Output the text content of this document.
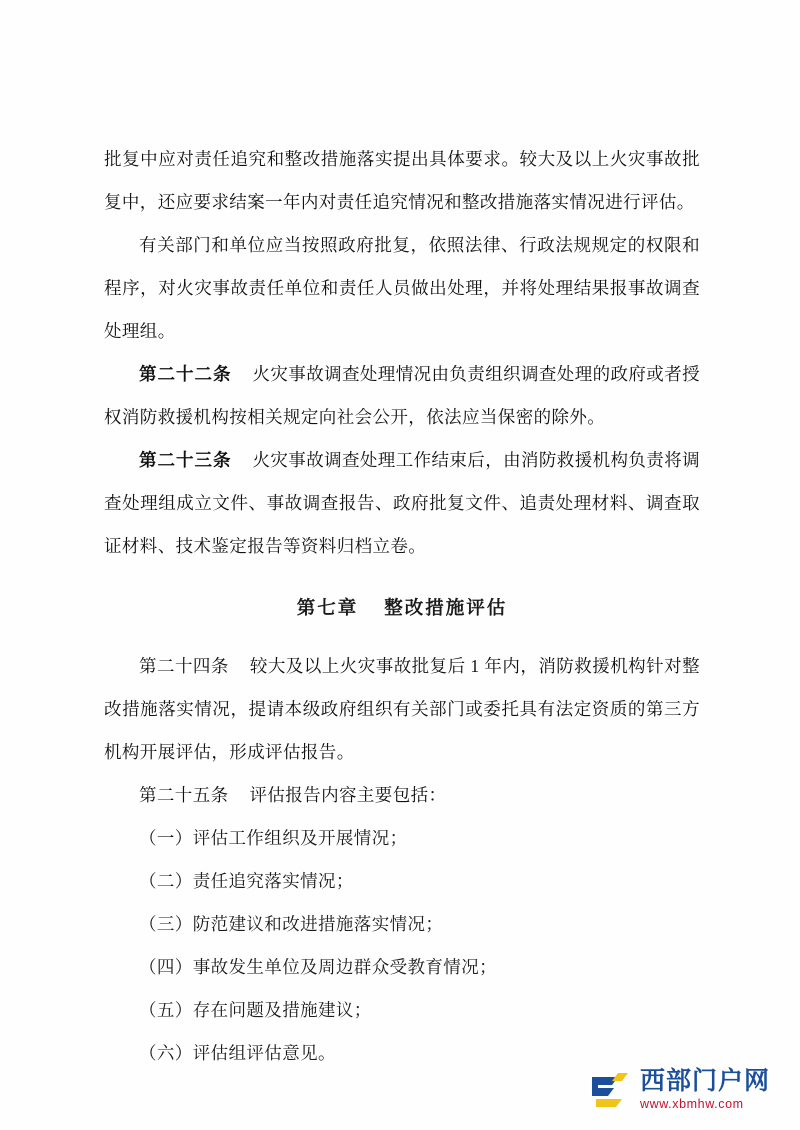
批复中应对责任追究和整改措施落实提出具体要求。较大及以上火灾事故批复中，还应要求结案一年内对责任追究情况和整改措施落实情况进行评估。

有关部门和单位应当按照政府批复，依照法律、行政法规规定的权限和程序，对火灾事故责任单位和责任人员做出处理，并将处理结果报事故调查处理组。

第二十二条 火灾事故调查处理情况由负责组织调查处理的政府或者授权消防救援机构按相关规定向社会公开，依法应当保密的除外。

第二十三条 火灾事故调查处理工作结束后，由消防救援机构负责将调查处理组成立文件、事故调查报告、政府批复文件、追责处理材料、调查取证材料、技术鉴定报告等资料归档立卷。

第七章 整改措施评估

第二十四条 较大及以上火灾事故批复后 1 年内，消防救援机构针对整改措施落实情况，提请本级政府组织有关部门或委托具有法定资质的第三方机构开展评估，形成评估报告。

第二十五条 评估报告内容主要包括：

（一）评估工作组织及开展情况；

（二）责任追究落实情况；

（三）防范建议和改进措施落实情况；

（四）事故发生单位及周边群众受教育情况；

（五）存在问题及措施建议；

（六）评估组评估意见。

西部门户网
www.xbmhw.com
